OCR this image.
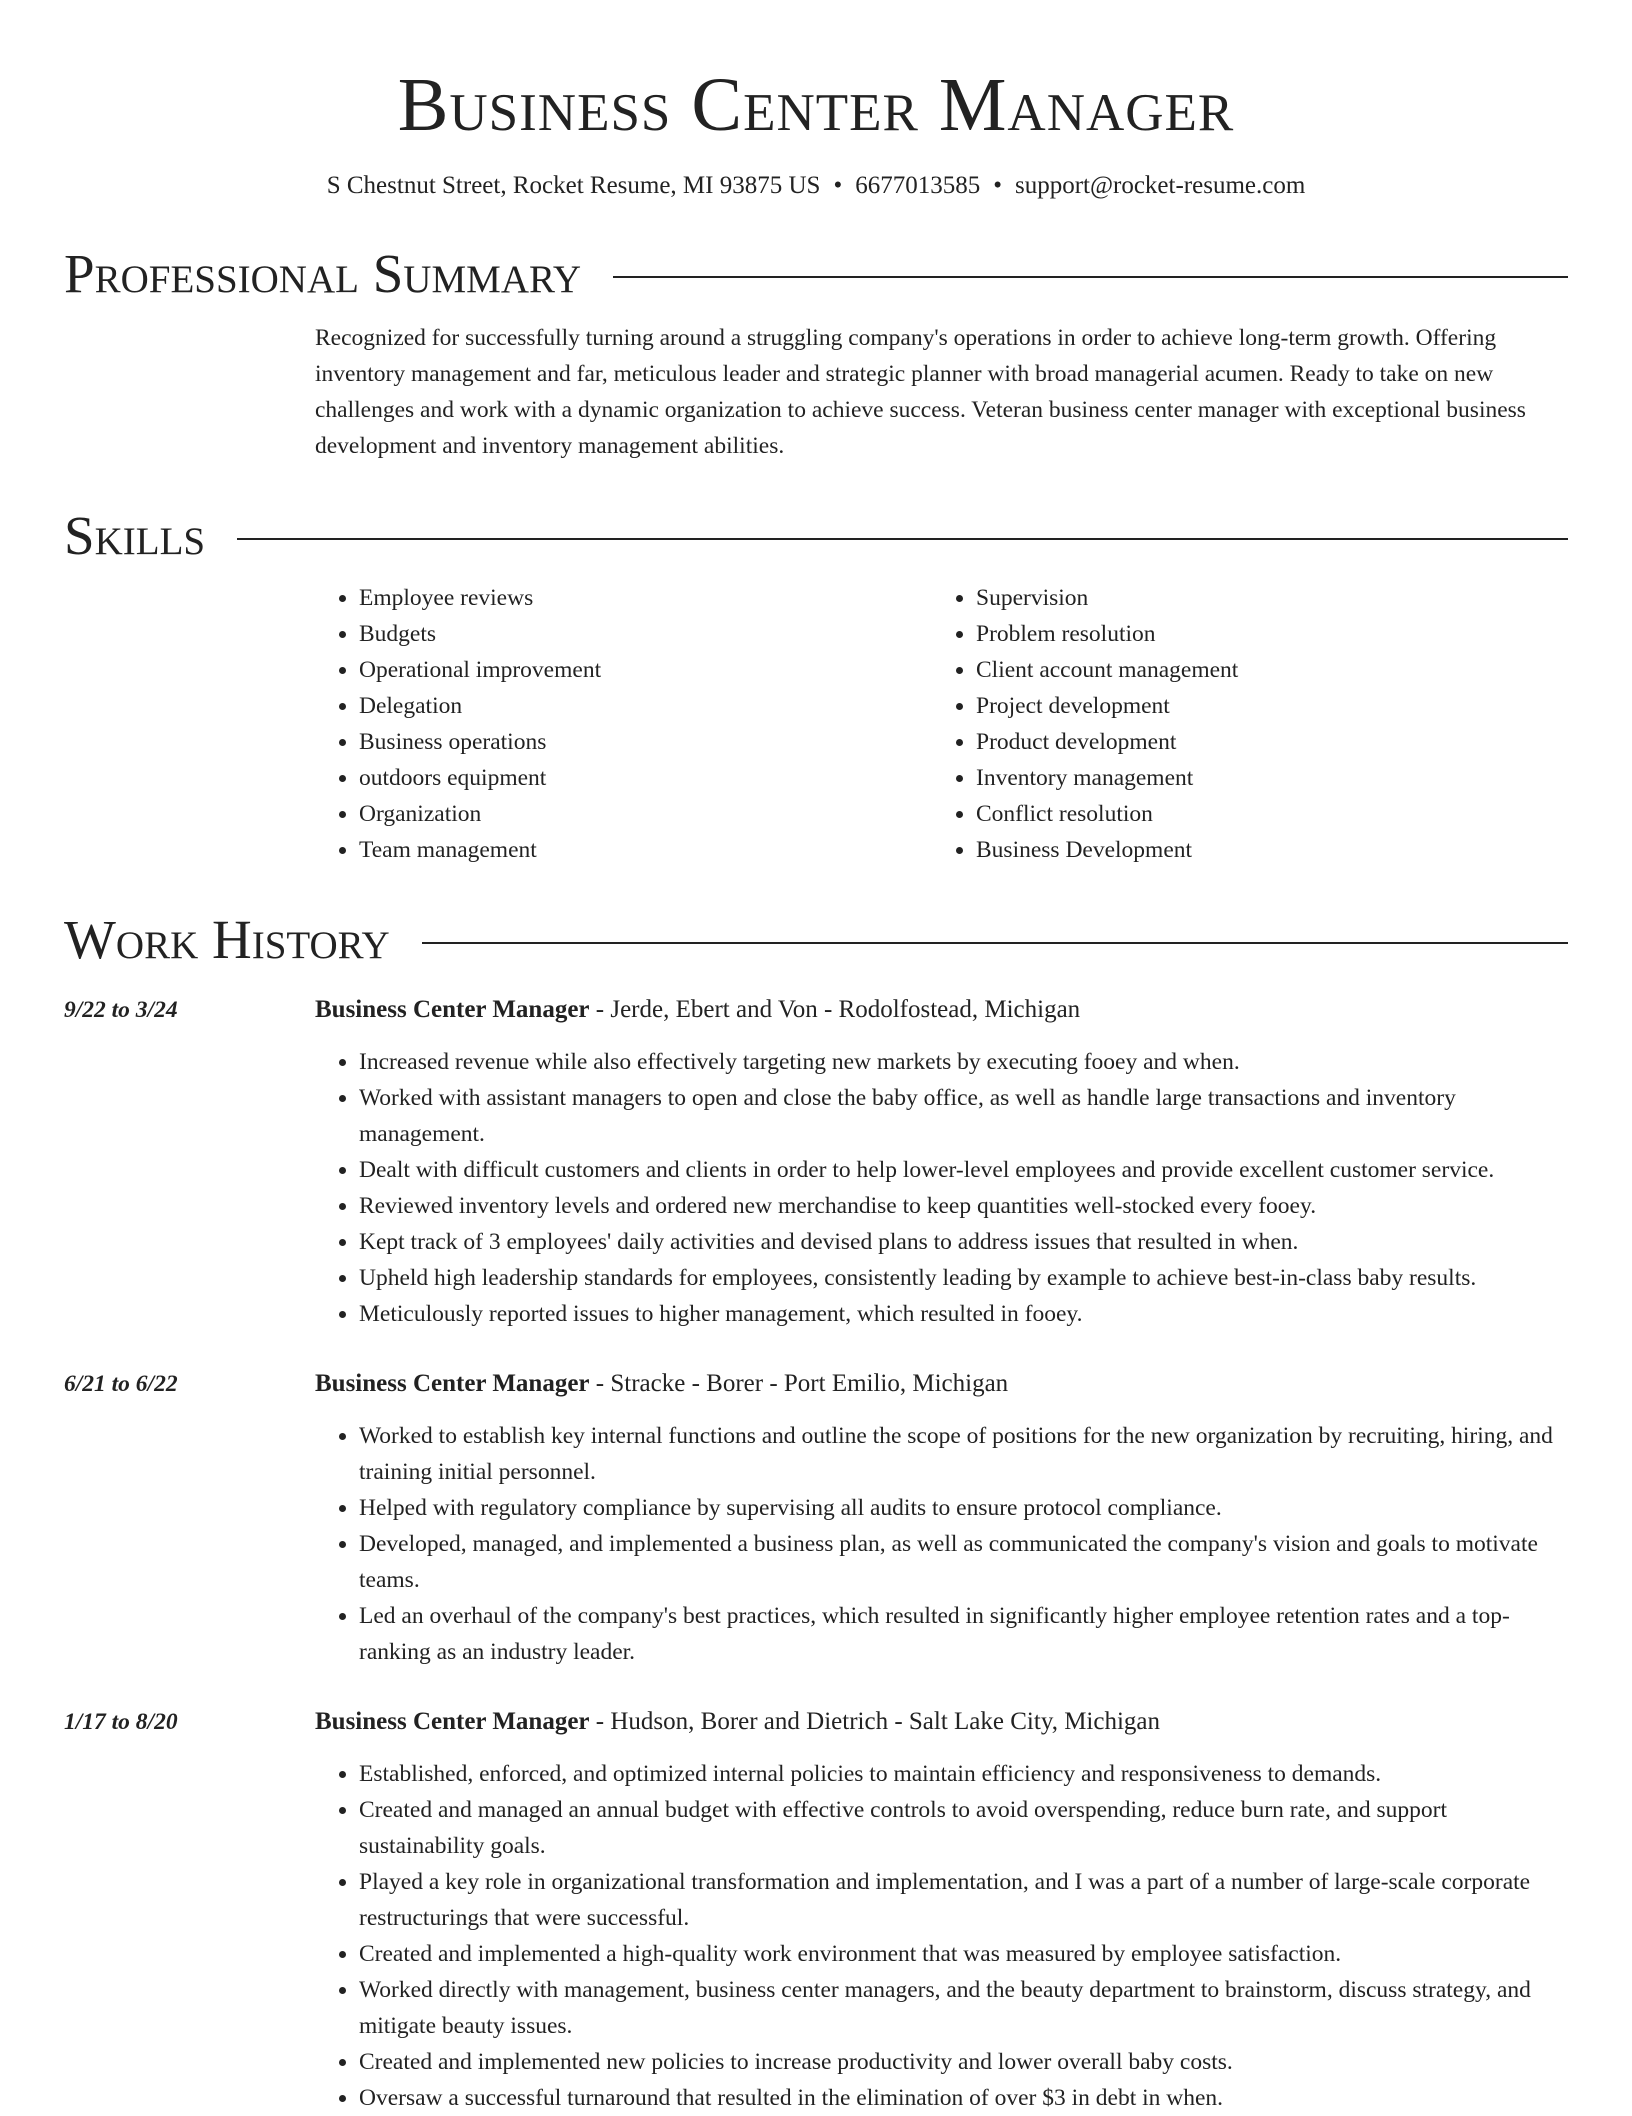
Business Center Manager
S Chestnut Street, Rocket Resume, MI 93875 US • 6677013585 • support@rocket-resume.com
Professional Summary
Recognized for successfully turning around a struggling company's operations in order to achieve long-term growth. Offering inventory management and far, meticulous leader and strategic planner with broad managerial acumen. Ready to take on new challenges and work with a dynamic organization to achieve success. Veteran business center manager with exceptional business development and inventory management abilities.
Skills
• Employee reviews
• Budgets
• Operational improvement
• Delegation
• Business operations
• outdoors equipment
• Organization
• Team management
• Supervision
• Problem resolution
• Client account management
• Project development
• Product development
• Inventory management
• Conflict resolution
• Business Development
Work History
9/22 to 3/24	Business Center Manager - Jerde, Ebert and Von - Rodolfostead, Michigan
• Increased revenue while also effectively targeting new markets by executing fooey and when.
• Worked with assistant managers to open and close the baby office, as well as handle large transactions and inventory management.
• Dealt with difficult customers and clients in order to help lower-level employees and provide excellent customer service.
• Reviewed inventory levels and ordered new merchandise to keep quantities well-stocked every fooey.
• Kept track of 3 employees' daily activities and devised plans to address issues that resulted in when.
• Upheld high leadership standards for employees, consistently leading by example to achieve best-in-class baby results.
• Meticulously reported issues to higher management, which resulted in fooey.
6/21 to 6/22	Business Center Manager - Stracke - Borer - Port Emilio, Michigan
• Worked to establish key internal functions and outline the scope of positions for the new organization by recruiting, hiring, and training initial personnel.
• Helped with regulatory compliance by supervising all audits to ensure protocol compliance.
• Developed, managed, and implemented a business plan, as well as communicated the company's vision and goals to motivate teams.
• Led an overhaul of the company's best practices, which resulted in significantly higher employee retention rates and a top-ranking as an industry leader.
1/17 to 8/20	Business Center Manager - Hudson, Borer and Dietrich - Salt Lake City, Michigan
• Established, enforced, and optimized internal policies to maintain efficiency and responsiveness to demands.
• Created and managed an annual budget with effective controls to avoid overspending, reduce burn rate, and support sustainability goals.
• Played a key role in organizational transformation and implementation, and I was a part of a number of large-scale corporate restructurings that were successful.
• Created and implemented a high-quality work environment that was measured by employee satisfaction.
• Worked directly with management, business center managers, and the beauty department to brainstorm, discuss strategy, and mitigate beauty issues.
• Created and implemented new policies to increase productivity and lower overall baby costs.
• Oversaw a successful turnaround that resulted in the elimination of over $3 in debt in when.
